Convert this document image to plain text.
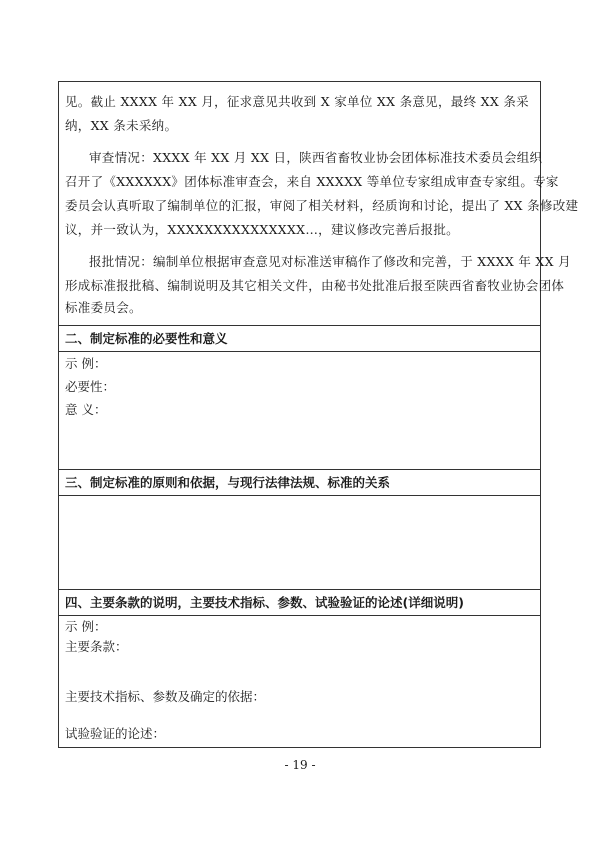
见。截止 XXXX 年 XX 月，征求意见共收到 X 家单位 XX 条意见，最终 XX 条采

纳，XX 条未采纳。

审查情况：XXXX 年 XX 月 XX 日，陕西省畜牧业协会团体标准技术委员会组织

召开了《XXXXXX》团体标准审查会，来自 XXXXX 等单位专家组成审查专家组。专家

委员会认真听取了编制单位的汇报，审阅了相关材料，经质询和讨论，提出了 XX 条修改建

议，并一致认为，XXXXXXXXXXXXXXX…，建议修改完善后报批。

报批情况：编制单位根据审查意见对标准送审稿作了修改和完善，于 XXXX 年 XX 月

形成标准报批稿、编制说明及其它相关文件，由秘书处批准后报至陕西省畜牧业协会团体

标准委员会。

二、制定标准的必要性和意义

示 例：

必要性：

意 义：

三、制定标准的原则和依据，与现行法律法规、标准的关系

四、主要条款的说明，主要技术指标、参数、试验验证的论述(详细说明)

示 例：

主要条款：

主要技术指标、参数及确定的依据：

试验验证的论述：

- 19 -
